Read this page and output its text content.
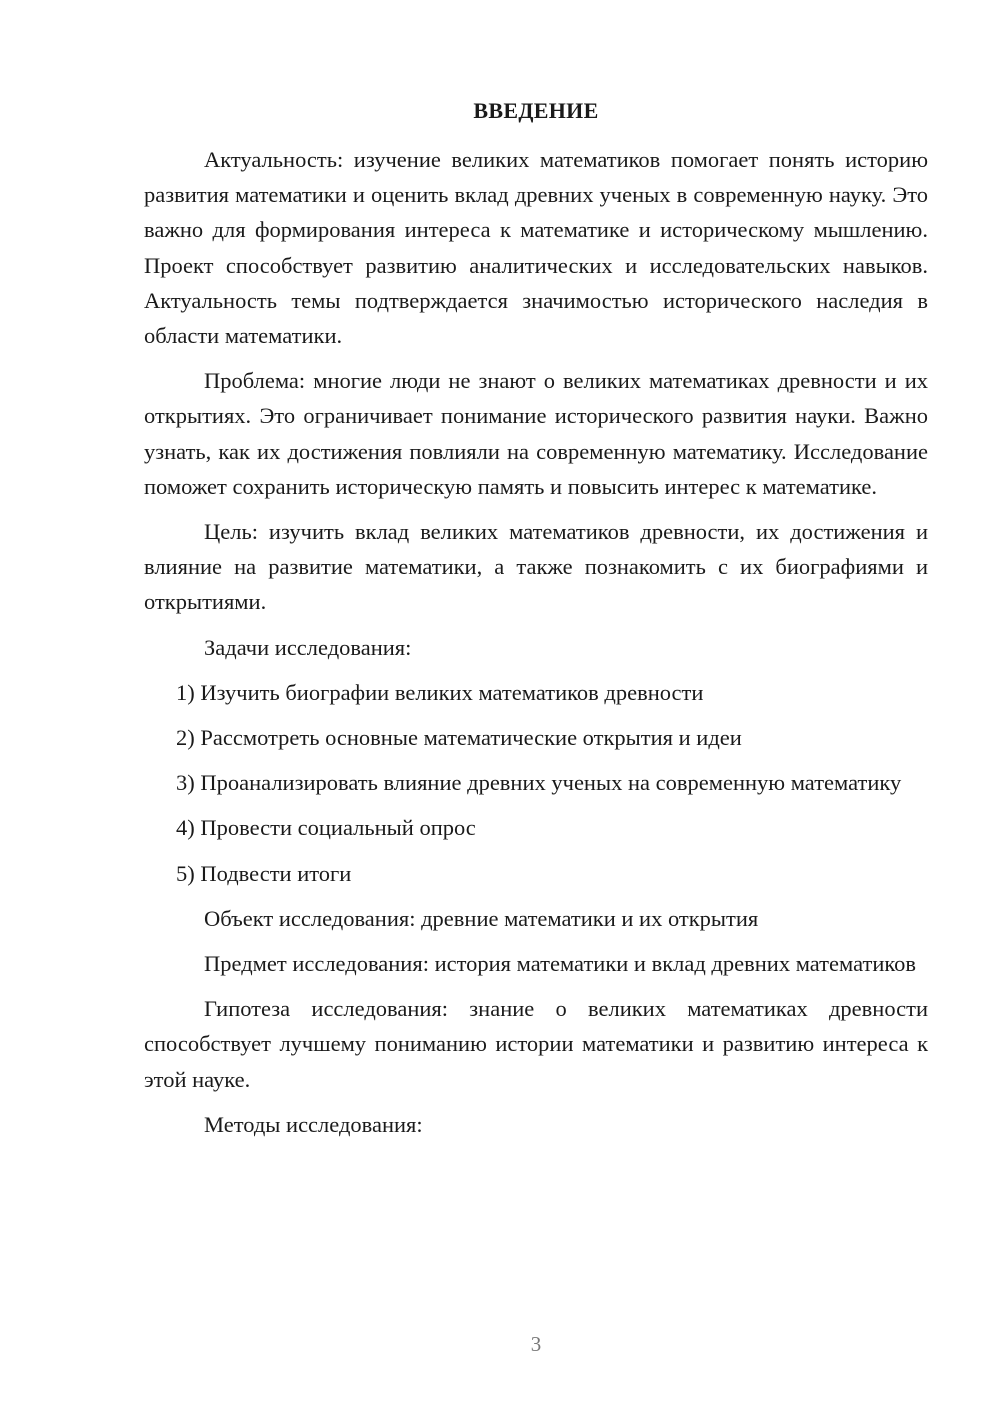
ВВЕДЕНИЕ

Актуальность: изучение великих математиков помогает понять историю развития математики и оценить вклад древних ученых в современную науку. Это важно для формирования интереса к математике и историческому мышлению. Проект способствует развитию аналитических и исследовательских навыков. Актуальность темы подтверждается значимостью исторического наследия в области математики.

Проблема: многие люди не знают о великих математиках древности и их открытиях. Это ограничивает понимание исторического развития науки. Важно узнать, как их достижения повлияли на современную математику. Исследование поможет сохранить историческую память и повысить интерес к математике.

Цель: изучить вклад великих математиков древности, их достижения и влияние на развитие математики, а также познакомить с их биографиями и открытиями.

Задачи исследования:

1) Изучить биографии великих математиков древности

2) Рассмотреть основные математические открытия и идеи

3) Проанализировать влияние древних ученых на современную математику

4) Провести социальный опрос

5) Подвести итоги

Объект исследования: древние математики и их открытия

Предмет исследования: история математики и вклад древних математиков

Гипотеза исследования: знание о великих математиках древности способствует лучшему пониманию истории математики и развитию интереса к этой науке.

Методы исследования:

3
